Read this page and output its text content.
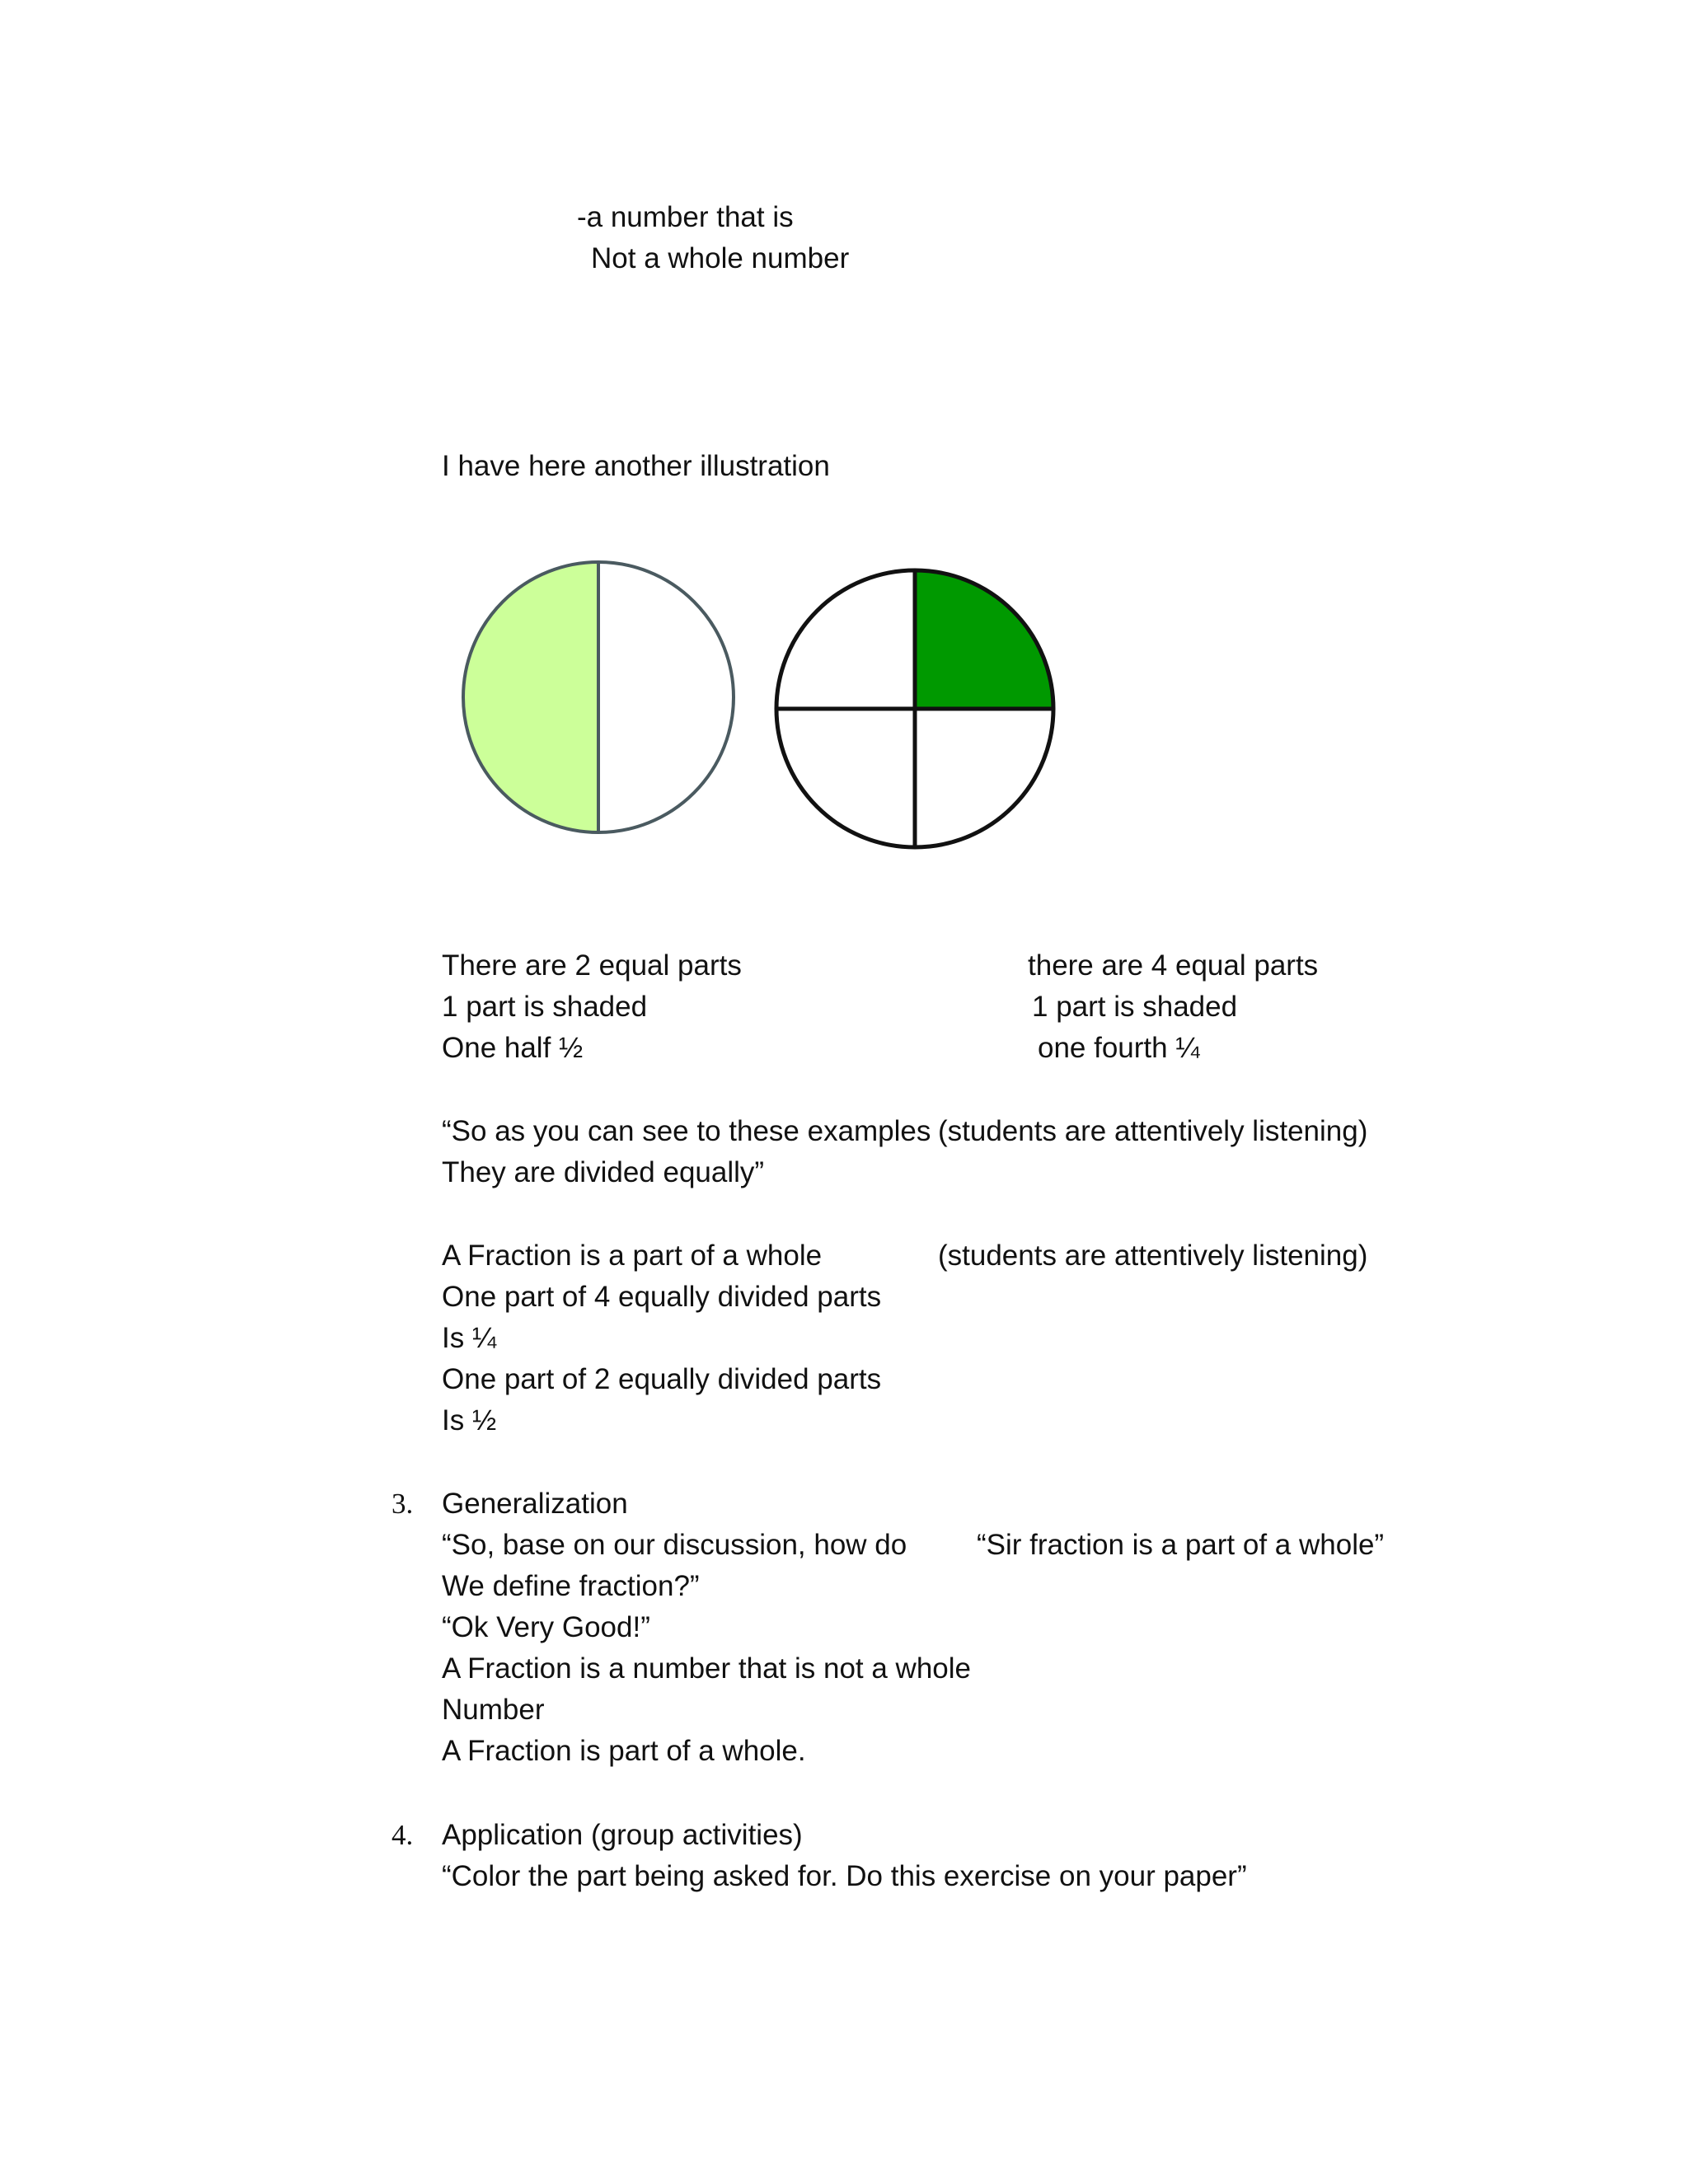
-a number that is

Not a whole number

I have here another illustration

There are 2 equal parts

1 part is shaded

One half ½

there are 4 equal parts

1 part is shaded

one fourth ¼

“So as you can see to these examples

They are divided equally”

(students are attentively listening)

A Fraction is a part of a whole

One part of 4 equally divided parts

Is ¼

One part of 2 equally divided parts

Is ½

(students are attentively listening)

3. Generalization

“So, base on our discussion, how do

We define fraction?”

“Ok Very Good!”

A Fraction is a number that is not a whole

Number

A Fraction is part of a whole.

“Sir fraction is a part of a whole”

4. Application (group activities)

“Color the part being asked for. Do this exercise on your paper”
